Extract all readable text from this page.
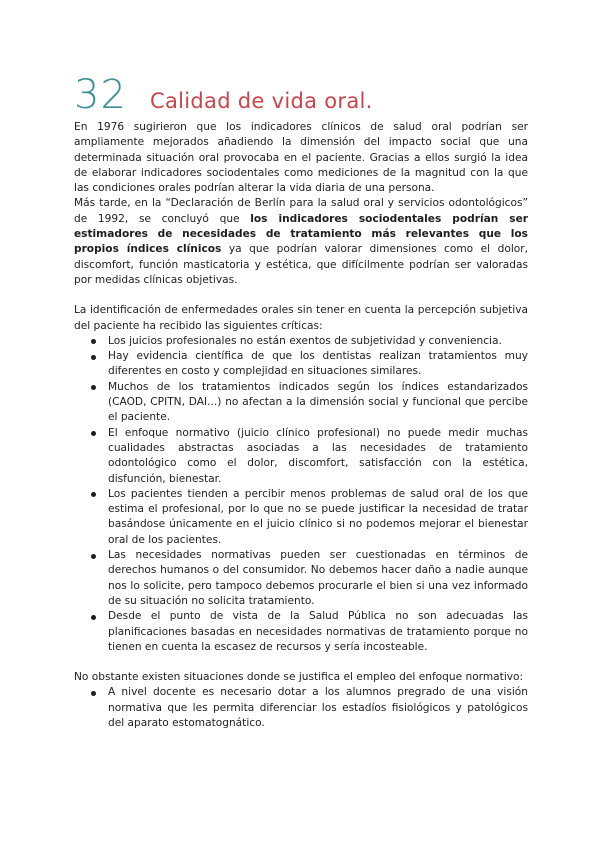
32 Calidad de vida oral.

En 1976 sugirieron que los indicadores clínicos de salud oral podrían ser ampliamente mejorados añadiendo la dimensión del impacto social que una determinada situación oral provocaba en el paciente. Gracias a ellos surgió la idea de elaborar indicadores sociodentales como mediciones de la magnitud con la que las condiciones orales podrían alterar la vida diaria de una persona.

Más tarde, en la “Declaración de Berlín para la salud oral y servicios odontológicos” de 1992, se concluyó que los indicadores sociodentales podrían ser estimadores de necesidades de tratamiento más relevantes que los propios índices clínicos ya que podrían valorar dimensiones como el dolor, discomfort, función masticatoria y estética, que difícilmente podrían ser valoradas por medidas clínicas objetivas.

La identificación de enfermedades orales sin tener en cuenta la percepción subjetiva del paciente ha recibido las siguientes críticas:

Los juicios profesionales no están exentos de subjetividad y conveniencia.
Hay evidencia científica de que los dentistas realizan tratamientos muy diferentes en costo y complejidad en situaciones similares.
Muchos de los tratamientos indicados según los índices estandarizados (CAOD, CPITN, DAI...) no afectan a la dimensión social y funcional que percibe el paciente.
El enfoque normativo (juicio clínico profesional) no puede medir muchas cualidades abstractas asociadas a las necesidades de tratamiento odontológico como el dolor, discomfort, satisfacción con la estética, disfunción, bienestar.
Los pacientes tienden a percibir menos problemas de salud oral de los que estima el profesional, por lo que no se puede justificar la necesidad de tratar basándose únicamente en el juicio clínico si no podemos mejorar el bienestar oral de los pacientes.
Las necesidades normativas pueden ser cuestionadas en términos de derechos humanos o del consumidor. No debemos hacer daño a nadie aunque nos lo solicite, pero tampoco debemos procurarle el bien si una vez informado de su situación no solicita tratamiento.
Desde el punto de vista de la Salud Pública no son adecuadas las planificaciones basadas en necesidades normativas de tratamiento porque no tienen en cuenta la escasez de recursos y sería incosteable.

No obstante existen situaciones donde se justifica el empleo del enfoque normativo:

A nivel docente es necesario dotar a los alumnos pregrado de una visión normativa que les permita diferenciar los estadíos fisiológicos y patológicos del aparato estomatognático.
